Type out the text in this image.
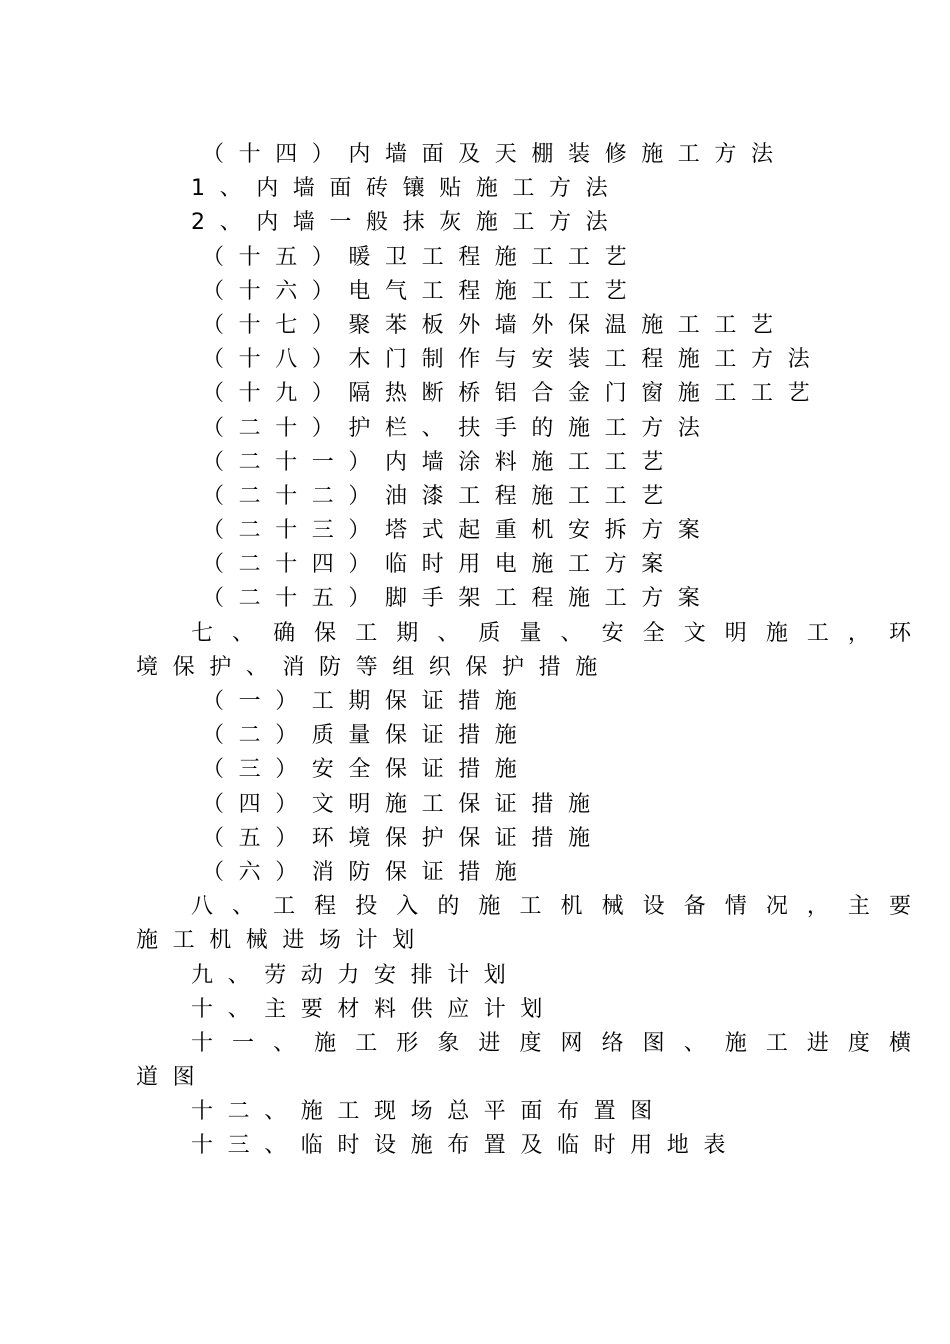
（十四）内墙面及天棚装修施工方法

1、内墙面砖镶贴施工方法

2、内墙一般抹灰施工方法

（十五）暖卫工程施工工艺

（十六）电气工程施工工艺

（十七）聚苯板外墙外保温施工工艺

（十八）木门制作与安装工程施工方法

（十九）隔热断桥铝合金门窗施工工艺

（二十）护栏、扶手的施工方法

（二十一）内墙涂料施工工艺

（二十二）油漆工程施工工艺

（二十三）塔式起重机安拆方案

（二十四）临时用电施工方案

（二十五）脚手架工程施工方案

七 、 确 保 工 期 、 质 量 、 安 全 文 明 施 工 ， 环

境保护、消防等组织保护措施

（一）工期保证措施

（二）质量保证措施

（三）安全保证措施

（四）文明施工保证措施

（五）环境保护保证措施

（六）消防保证措施

八 、 工 程 投 入 的 施 工 机 械 设 备 情 况 ， 主 要

施工机械进场计划

九、劳动力安排计划

十、主要材料供应计划

十 一 、 施 工 形 象 进 度 网 络 图 、 施 工 进 度 横

道图

十二、施工现场总平面布置图

十三、临时设施布置及临时用地表
